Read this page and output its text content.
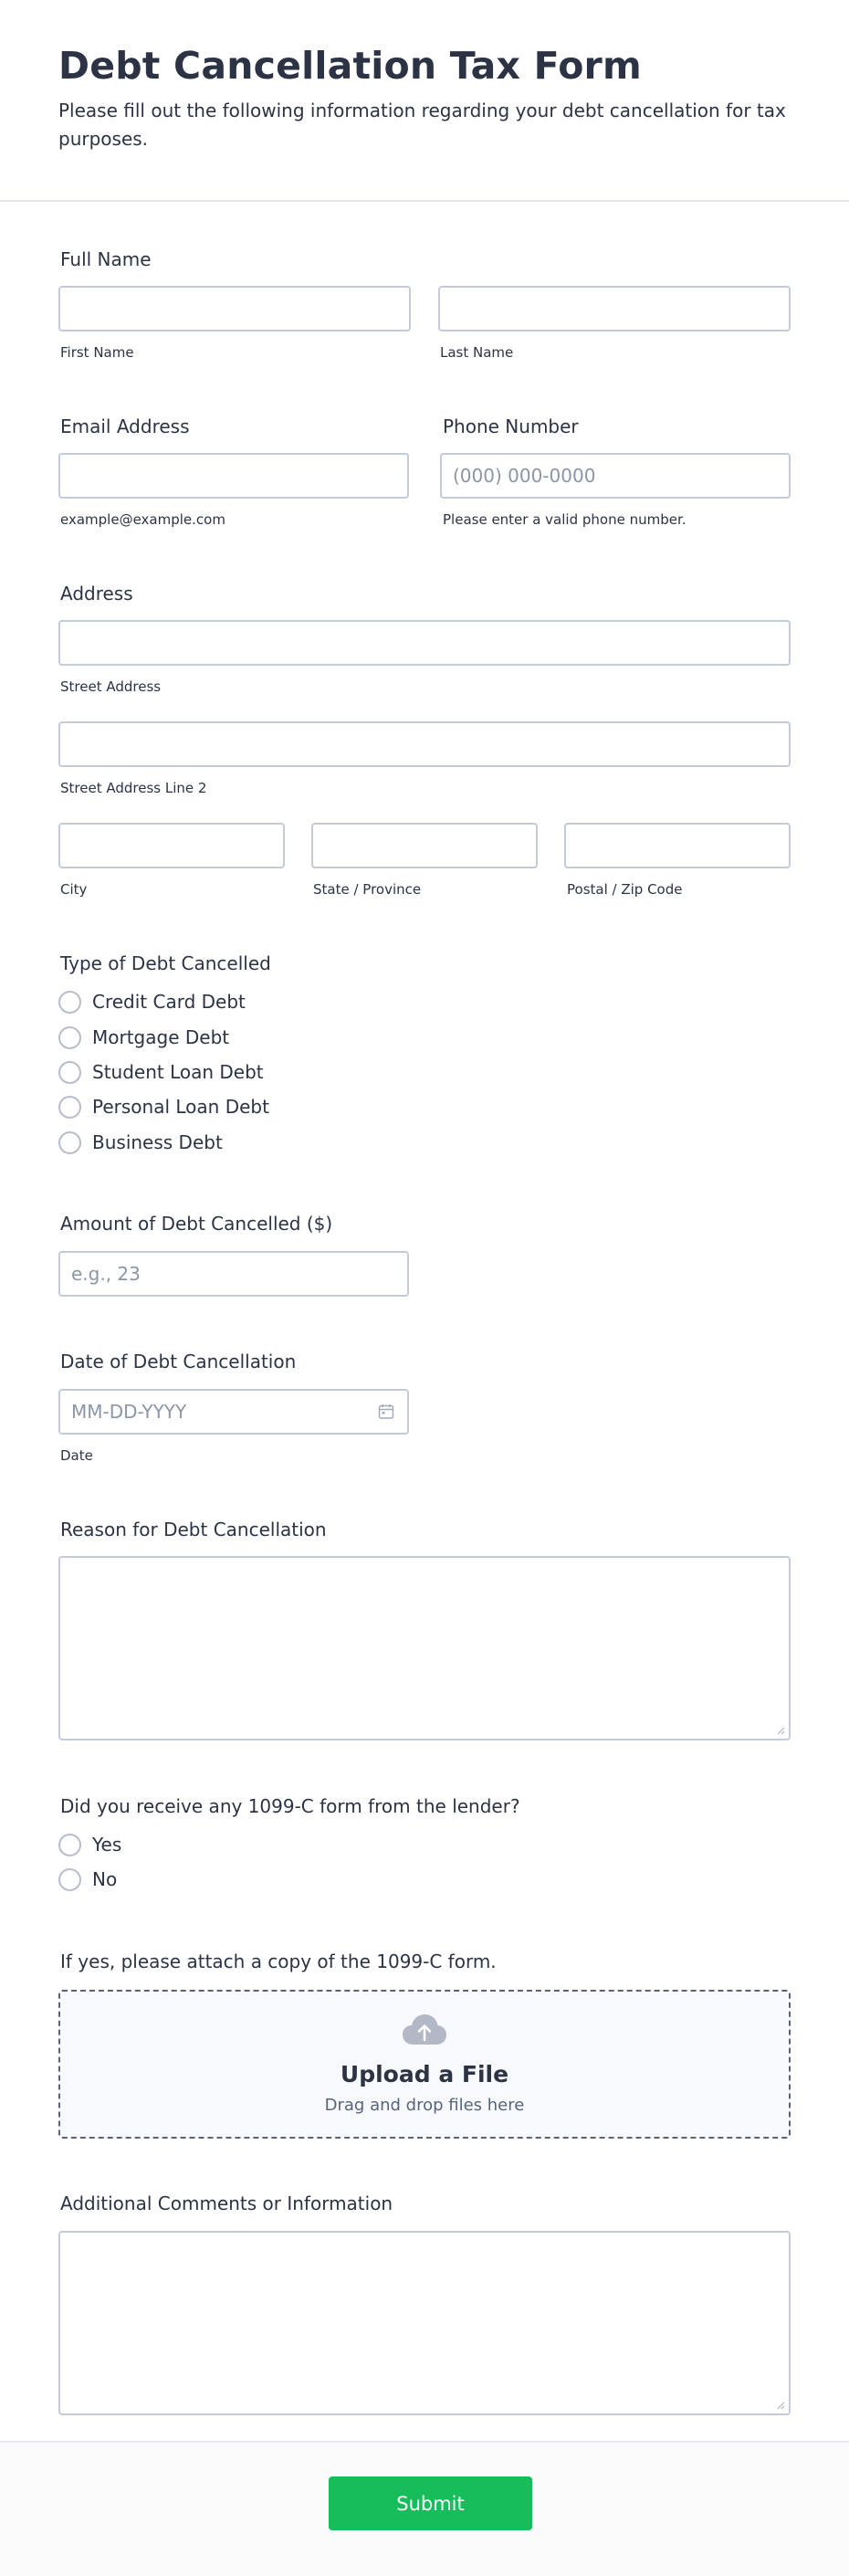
Debt Cancellation Tax Form
Please fill out the following information regarding your debt cancellation for tax purposes.
Full Name
First Name	Last Name
Email Address
example@example.com
Phone Number
(000) 000-0000
Please enter a valid phone number.
Address
Street Address
Street Address Line 2
City	State / Province	Postal / Zip Code
Type of Debt Cancelled
Credit Card Debt
Mortgage Debt
Student Loan Debt
Personal Loan Debt
Business Debt
Amount of Debt Cancelled ($)
e.g., 23
Date of Debt Cancellation
MM-DD-YYYY
Date
Reason for Debt Cancellation
Did you receive any 1099-C form from the lender?
Yes
No
If yes, please attach a copy of the 1099-C form.
Upload a File
Drag and drop files here
Additional Comments or Information
Submit
